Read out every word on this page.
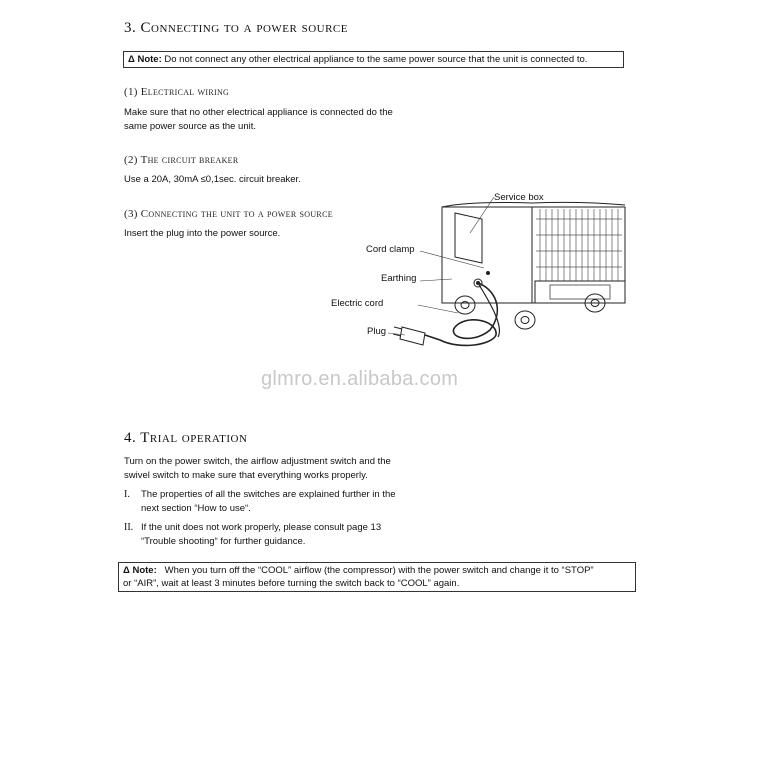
3. Connecting to a power source
Δ Note: Do not connect any other electrical appliance to the same power source that the unit is connected to.
(1) Electrical wiring
Make sure that no other electrical appliance is connected do the
same power source as the unit.
(2) The circuit breaker
Use a 20A, 30mA ≤0,1sec. circuit breaker.
(3) Connecting the unit to a power source
Insert the plug into the power source.
Service box
Cord clamp
Earthing
Electric cord
Plug
glmro.en.alibaba.com
4. Trial operation
Turn on the power switch, the airflow adjustment switch and the
swivel switch to make sure that everything works properly.
I.	The properties of all the switches are explained further in the
next section “How to use“.
II. If the unit does not work properly, please consult page 13
“Trouble shooting“ for further guidance.
Δ Note: When you turn off the “COOL” airflow (the compressor) with the power switch and change it to “STOP”
or “AIR”, wait at least 3 minutes before turning the switch back to “COOL” again.
